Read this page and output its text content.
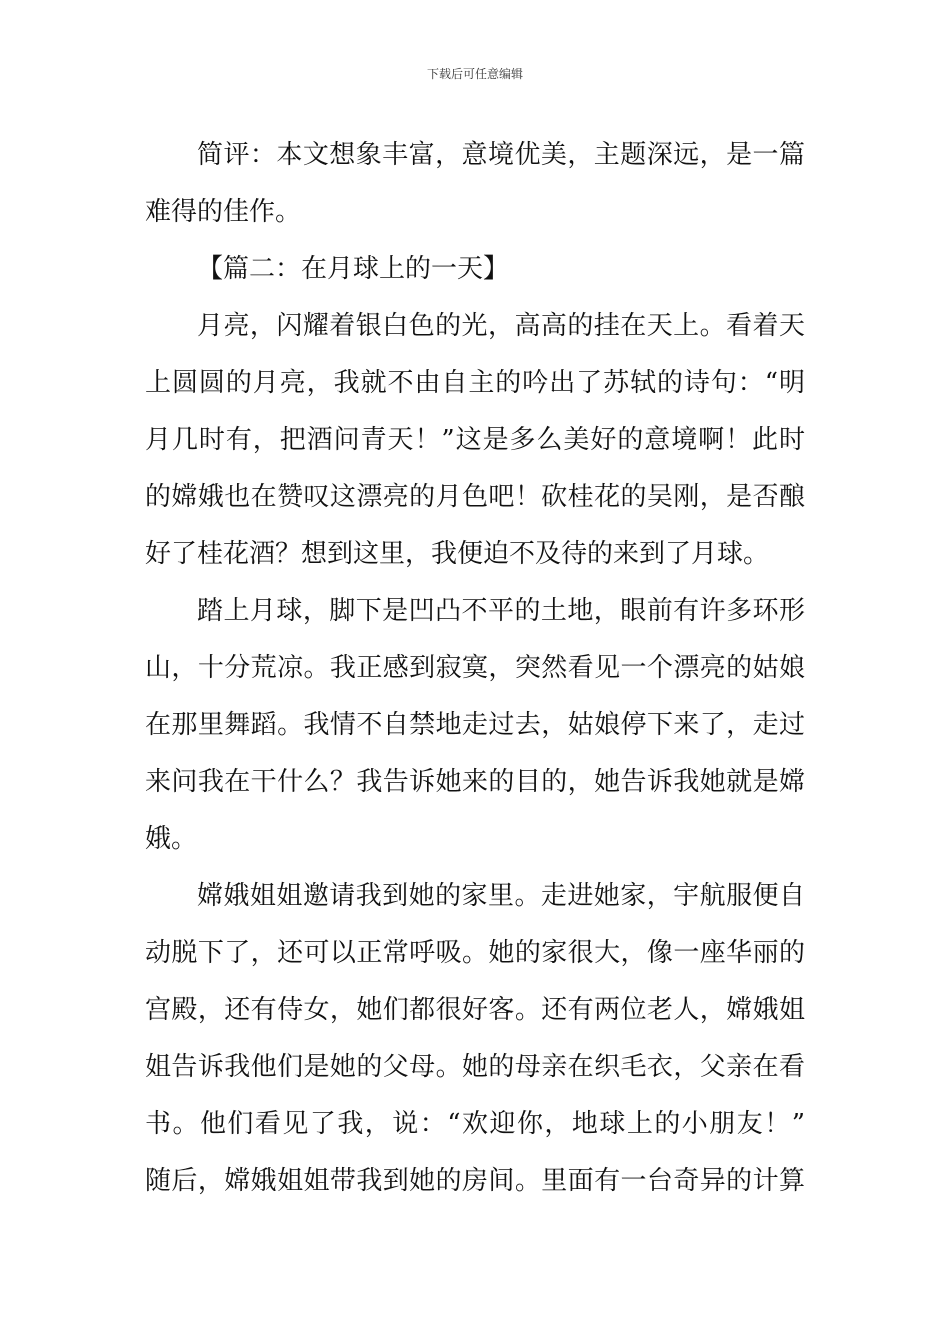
下载后可任意编辑
简评：本文想象丰富，意境优美，主题深远，是一篇
难得的佳作。
【篇二：在月球上的一天】
月亮，闪耀着银白色的光，高高的挂在天上。看着天
上圆圆的月亮，我就不由自主的吟出了苏轼的诗句：“明
月几时有，把酒问青天！”这是多么美好的意境啊！此时
的嫦娥也在赞叹这漂亮的月色吧！砍桂花的吴刚，是否酿
好了桂花酒？想到这里，我便迫不及待的来到了月球。
踏上月球，脚下是凹凸不平的土地，眼前有许多环形
山，十分荒凉。我正感到寂寞，突然看见一个漂亮的姑娘
在那里舞蹈。我情不自禁地走过去，姑娘停下来了，走过
来问我在干什么？我告诉她来的目的，她告诉我她就是嫦
娥。
嫦娥姐姐邀请我到她的家里。走进她家，宇航服便自
动脱下了，还可以正常呼吸。她的家很大，像一座华丽的
宫殿，还有侍女，她们都很好客。还有两位老人，嫦娥姐
姐告诉我他们是她的父母。她的母亲在织毛衣，父亲在看
书。他们看见了我，说：“欢迎你，地球上的小朋友！”
随后，嫦娥姐姐带我到她的房间。里面有一台奇异的计算
